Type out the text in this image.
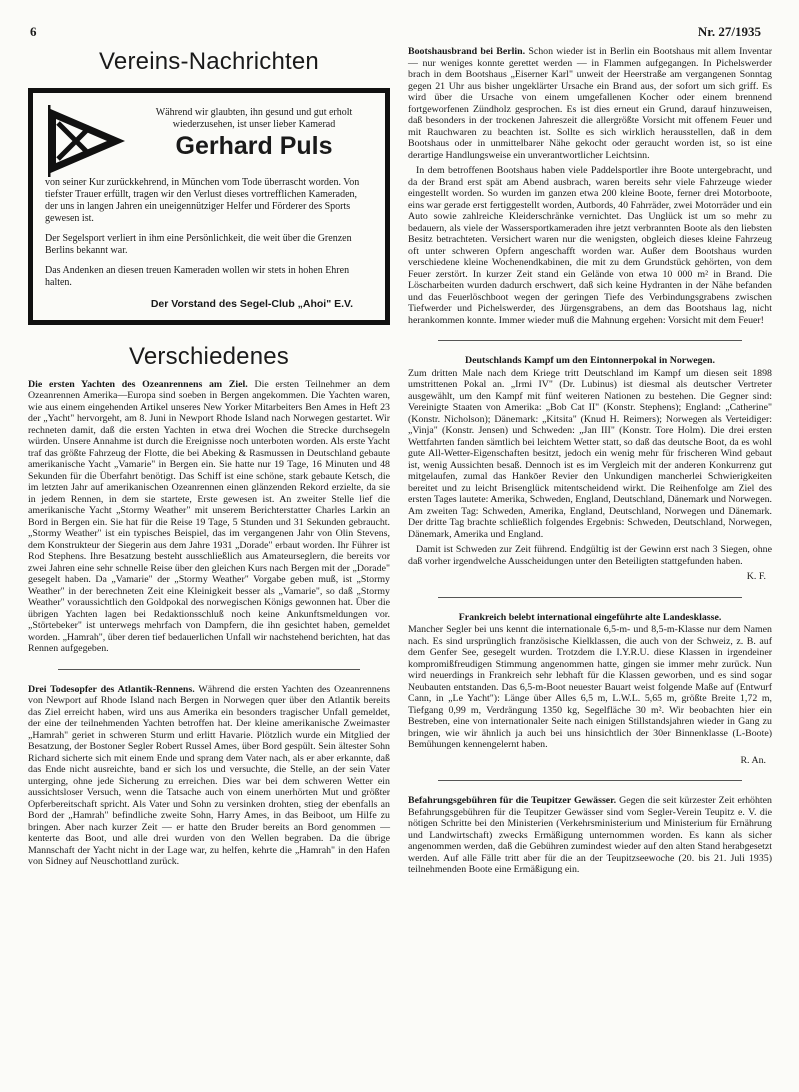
6	Nr. 27/1935
Vereins-Nachrichten
Während wir glaubten, ihn gesund und gut erholt wiederzusehen, ist unser lieber Kamerad
Gerhard Puls

von seiner Kur zurückkehrend, in München vom Tode überrascht worden. Von tiefster Trauer erfüllt, tragen wir den Verlust dieses vortrefflichen Kameraden, der uns in langen Jahren ein uneigennütziger Helfer und Förderer des Sports gewesen ist.

Der Segelsport verliert in ihm eine Persönlichkeit, die weit über die Grenzen Berlins bekannt war.

Das Andenken an diesen treuen Kameraden wollen wir stets in hohen Ehren halten.

Der Vorstand des Segel-Club „Ahoi" E.V.
Verschiedenes

Die ersten Yachten des Ozeanrennens am Ziel. Die ersten Teilnehmer an dem Ozeanrennen Amerika—Europa sind soeben in Bergen angekommen. Die Yachten waren, wie aus einem eingehenden Artikel unseres New Yorker Mitarbeiters Ben Ames in Heft 23 der „Yacht" hervorgeht, am 8. Juni in Newport Rhode Island nach Norwegen gestartet. Wir rechneten damit, daß die ersten Yachten in etwa drei Wochen die Strecke durchsegeln würden. Unsere Annahme ist durch die Ereignisse noch unterboten worden. Als erste Yacht traf das größte Fahrzeug der Flotte, die bei Abeking & Rasmussen in Deutschland gebaute amerikanische Yacht „Vamarie" in Bergen ein. Sie hatte nur 19 Tage, 16 Minuten und 48 Sekunden für die Überfahrt benötigt. Das Schiff ist eine schöne, stark gebaute Ketsch, die im letzten Jahr auf amerikanischen Ozeanrennen einen glänzenden Rekord erzielte, da sie in jedem Rennen, in dem sie startete, Erste gewesen ist. An zweiter Stelle lief die amerikanische Yacht „Stormy Weather" mit unserem Berichterstatter Charles Larkin an Bord in Bergen ein. Sie hat für die Reise 19 Tage, 5 Stunden und 31 Sekunden gebraucht. „Stormy Weather" ist ein typisches Beispiel, das im vergangenen Jahr von Olin Stevens, dem Konstrukteur der Siegerin aus dem Jahre 1931 „Dorade" erbaut worden. Ihr Führer ist Rod Stephens. Ihre Besatzung besteht ausschließlich aus Amateurseglern, die bereits vor zwei Jahren eine sehr schnelle Reise über den gleichen Kurs nach Bergen mit der „Dorade" gesegelt haben. Da „Vamarie" der „Stormy Weather" Vorgabe geben muß, ist „Stormy Weather" in der berechneten Zeit eine Kleinigkeit besser als „Vamarie", so daß „Stormy Weather" voraussichtlich den Goldpokal des norwegischen Königs gewonnen hat. Über die übrigen Yachten lagen bei Redaktionsschluß noch keine Ankunftsmeldungen vor. „Störtebeker" ist unterwegs mehrfach von Dampfern, die ihn gesichtet haben, gemeldet worden. „Hamrah", über deren tief bedauerlichen Unfall wir nachstehend berichten, hat das Rennen aufgegeben.

Drei Todesopfer des Atlantik-Rennens. Während die ersten Yachten des Ozeanrennens von Newport auf Rhode Island nach Bergen in Norwegen quer über den Atlantik bereits das Ziel erreicht haben, wird uns aus Amerika ein besonders tragischer Unfall gemeldet, der eine der teilnehmenden Yachten betroffen hat. Der kleine amerikanische Zweimaster „Hamrah" geriet in schweren Sturm und erlitt Havarie. Plötzlich wurde ein Mitglied der Besatzung, der Bostoner Segler Robert Russel Ames, über Bord gespült. Sein ältester Sohn Richard sicherte sich mit einem Ende und sprang dem Vater nach, als er aber erkannte, daß das Ende nicht ausreichte, band er sich los und versuchte, die Stelle, an der sein Vater unterging, ohne jede Sicherung zu erreichen. Dies war bei dem schweren Wetter ein aussichtsloser Versuch, wenn die Tatsache auch von einem unerhörten Mut und größter Opferbereitschaft spricht. Als Vater und Sohn zu versinken drohten, stieg der ebenfalls an Bord der „Hamrah" befindliche zweite Sohn, Harry Ames, in das Beiboot, um Hilfe zu bringen. Aber nach kurzer Zeit — er hatte den Bruder bereits an Bord genommen — kenterte das Boot, und alle drei wurden von den Wellen begraben. Da die übrige Mannschaft der Yacht nicht in der Lage war, zu helfen, kehrte die „Hamrah" in den Hafen von Sidney auf Neuschottland zurück.

Bootshausbrand bei Berlin. Schon wieder ist in Berlin ein Bootshaus mit allem Inventar — nur weniges konnte gerettet werden — in Flammen aufgegangen. In Pichelswerder brach in dem Bootshaus „Eiserner Karl" unweit der Heerstraße am vergangenen Sonntag gegen 21 Uhr aus bisher ungeklärter Ursache ein Brand aus, der sofort um sich griff. Es wird über die Ursache von einem umgefallenen Kocher oder einem brennend fortgeworfenen Zündholz gesprochen. Es ist dies erneut ein Grund, darauf hinzuweisen, daß besonders in der trockenen Jahreszeit die allergrößte Vorsicht mit offenem Feuer und mit Rauchwaren zu beachten ist. Sollte es sich wirklich herausstellen, daß in dem Bootshaus oder in unmittelbarer Nähe gekocht oder geraucht worden ist, so ist eine derartige Handlungsweise ein unverantwortlicher Leichtsinn.

In dem betroffenen Bootshaus haben viele Paddelsportler ihre Boote untergebracht, und da der Brand erst spät am Abend ausbrach, waren bereits sehr viele Fahrzeuge wieder eingestellt worden. So wurden im ganzen etwa 200 kleine Boote, ferner drei Motorboote, eins war gerade erst fertiggestellt worden, Autbords, 40 Fahrräder, zwei Motorräder und ein Auto sowie zahlreiche Kleiderschränke vernichtet. Das Unglück ist um so mehr zu bedauern, als viele der Wassersportkameraden ihre jetzt verbrannten Boote als den liebsten Besitz betrachteten. Versichert waren nur die wenigsten, obgleich dieses kleine Fahrzeug oft unter schweren Opfern angeschafft worden war. Außer dem Bootshaus wurden verschiedene kleine Wochenendkabinen, die mit zu dem Grundstück gehörten, von dem Feuer zerstört. In kurzer Zeit stand ein Gelände von etwa 10 000 m² in Brand. Die Löscharbeiten wurden dadurch erschwert, daß sich keine Hydranten in der Nähe befanden und das Feuerlöschboot wegen der geringen Tiefe des Verbindungsgrabens zwischen Tiefwerder und Pichelswerder, des Jürgensgrabens, an dem das Bootshaus lag, nicht herankommen konnte. Immer wieder muß die Mahnung ergehen: Vorsicht mit dem Feuer!

Deutschlands Kampf um den Eintonnerpokal in Norwegen.

Zum dritten Male nach dem Kriege tritt Deutschland im Kampf um diesen seit 1898 umstrittenen Pokal an. „Irmi IV" (Dr. Lubinus) ist diesmal als deutscher Vertreter ausgewählt, um den Kampf mit fünf weiteren Nationen zu bestehen. Die Gegner sind: Vereinigte Staaten von Amerika: „Bob Cat II" (Konstr. Stephens); England: „Catherine" (Konstr. Nicholson); Dänemark: „Kitsita" (Knud H. Reimers); Norwegen als Verteidiger: „Vinja" (Konstr. Jensen) und Schweden: „Jan III" (Konstr. Tore Holm). Die drei ersten Wettfahrten fanden sämtlich bei leichtem Wetter statt, so daß das deutsche Boot, da es wohl gute All-Wetter-Eigenschaften besitzt, jedoch ein wenig mehr für frischeren Wind gebaut ist, wenig Aussichten besaß. Dennoch ist es im Vergleich mit der anderen Konkurrenz gut mitgelaufen, zumal das Hankōer Revier den Unkundigen mancherlei Schwierigkeiten bereitet und zu leicht Brisenglück mitentscheidend wirkt. Die Reihenfolge am Ziel des ersten Tages lautete: Amerika, Schweden, England, Deutschland, Dänemark und Norwegen. Am zweiten Tag: Schweden, Amerika, England, Deutschland, Norwegen und Dänemark. Der dritte Tag brachte schließlich folgendes Ergebnis: Schweden, Deutschland, Norwegen, Dänemark, Amerika und England.

Damit ist Schweden zur Zeit führend. Endgültig ist der Gewinn erst nach 3 Siegen, ohne daß vorher irgendwelche Ausscheidungen unter den Beteiligten stattgefunden haben.

K. F.
Frankreich belebt international eingeführte alte Landesklasse.

Mancher Segler bei uns kennt die internationale 6,5-m- und 8,5-m-Klasse nur dem Namen nach. Es sind ursprünglich französische Kielklassen, die auch von der Schweiz, z. B. auf dem Genfer See, gesegelt wurden. Trotzdem die I.Y.R.U. diese Klassen in irgendeiner kompromißfreudigen Stimmung angenommen hatte, gingen sie immer mehr zurück. Nun wird neuerdings in Frankreich sehr lebhaft für die Klassen geworben, und es sind sogar Neubauten entstanden. Das 6,5-m-Boot neuester Bauart weist folgende Maße auf (Entwurf Cann, in „Le Yacht"): Länge über Alles 6,5 m, L.W.L. 5,65 m, größte Breite 1,72 m, Tiefgang 0,99 m, Verdrängung 1350 kg, Segelfläche 30 m². Wir beobachten hier ein Bestreben, eine von internationaler Seite nach einigen Stillstandsjahren wieder in Gang zu bringen, wie wir ähnlich ja auch bei uns hinsichtlich der 30er Binnenklasse (L-Boote) Bemühungen kennengelernt haben.

R. An.

Befahrungsgebühren für die Teupitzer Gewässer. Gegen die seit kürzester Zeit erhöhten Befahrungsgebühren für die Teupitzer Gewässer sind vom Segler-Verein Teupitz e. V. die nötigen Schritte bei den Ministerien (Verkehrsministerium und Ministerium für Ernährung und Landwirtschaft) zwecks Ermäßigung unternommen worden. Es kann als sicher angenommen werden, daß die Gebühren zumindest wieder auf den alten Stand herabgesetzt werden. Auf alle Fälle tritt aber für die an der Teupitzseewoche (20. bis 21. Juli 1935) teilnehmenden Boote eine Ermäßigung ein.
